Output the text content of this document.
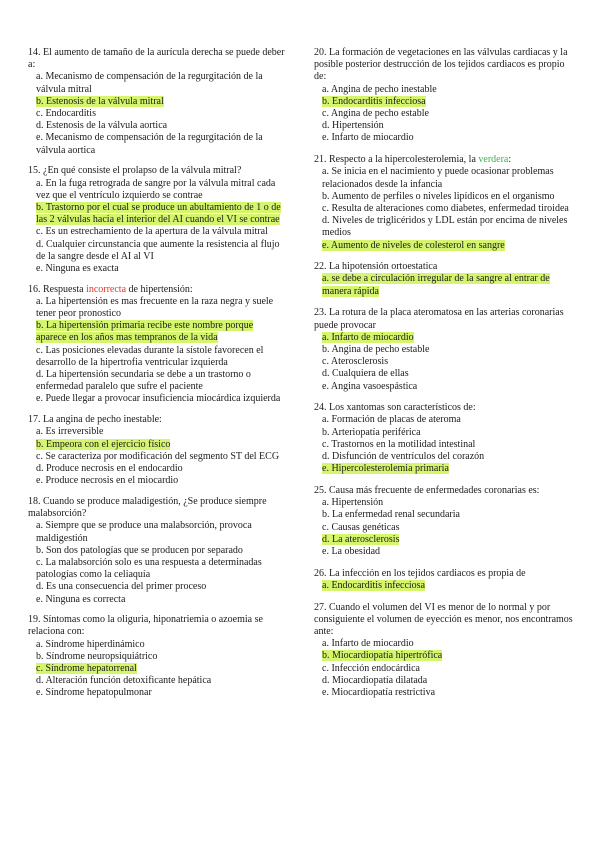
14. El aumento de tamaño de la aurícula derecha se puede deber a:
a. Mecanismo de compensación de la regurgitación de la válvula mitral
b. Estenosis de la válvula mitral
c. Endocarditis
d. Estenosis de la válvula aortica
e. Mecanismo de compensación de la regurgitación de la válvula aortica
15. ¿En qué consiste el prolapso de la válvula mitral?
a. En la fuga retrograda de sangre por la válvula mitral cada vez que el ventrículo izquierdo se contrae
b. Trastorno por el cual se produce un abultamiento de 1 o de las 2 válvulas hacia el interior del AI cuando el VI se contrae
c. Es un estrechamiento de la apertura de la válvula mitral
d. Cualquier circunstancia que aumente la resistencia al flujo de la sangre desde el AI al VI
e. Ninguna es exacta
16. Respuesta incorrecta de hipertensión:
a. La hipertensión es mas frecuente en la raza negra y suele tener peor pronostico
b. La hipertensión primaria recibe este nombre porque aparece en los años mas tempranos de la vida
c. Las posiciones elevadas durante la sístole favorecen el desarrollo de la hipertrofia ventricular izquierda
d. La hipertensión secundaria se debe a un trastorno o enfermedad paralelo que sufre el paciente
e. Puede llegar a provocar insuficiencia miocárdica izquierda
17. La angina de pecho inestable:
a. Es irreversible
b. Empeora con el ejercicio físico
c. Se caracteriza por modificación del segmento ST del ECG
d. Produce necrosis en el endocardio
e. Produce necrosis en el miocardio
18. Cuando se produce maladigestión, ¿Se produce siempre malabsorción?
a. Siempre que se produce una malabsorción, provoca maldigestión
b. Son dos patologías que se producen por separado
c. La malabsorción solo es una respuesta a determinadas patologías como la celiaquía
d. Es una consecuencia del primer proceso
e. Ninguna es correcta
19. Síntomas como la oliguria, hiponatriemia o azoemia se relaciona con:
a. Síndrome hiperdinámico
b. Síndrome neuropsiquiátrico
c. Síndrome hepatorrenal
d. Alteración función detoxificante hepática
e. Síndrome hepatopulmonar
20. La formación de vegetaciones en las válvulas cardiacas y la posible posterior destrucción de los tejidos cardiacos es propio de:
a. Angina de pecho inestable
b. Endocarditis infecciosa
c. Angina de pecho estable
d. Hipertensión
e. Infarto de miocardio
21. Respecto a la hipercolesterolemia, la verdera:
a. Se inicia en el nacimiento y puede ocasionar problemas relacionados desde la infancia
b. Aumento de perfiles o niveles lipídicos en el organismo
c. Resulta de alteraciones como diabetes, enfermedad tiroidea
d. Niveles de triglicéridos y LDL están por encima de niveles medios
e. Aumento de niveles de colesterol en sangre
22. La hipotensión ortoestatica
a. se debe a circulación irregular de la sangre al entrar de manera rápida
23. La rotura de la placa ateromatosa en las arterias coronarias puede provocar
a. Infarto de miocardio
b. Angina de pecho estable
c. Aterosclerosis
d. Cualquiera de ellas
e. Angina vasoespástica
24. Los xantomas son característicos de:
a. Formación de placas de ateroma
b. Arteriopatía periférica
c. Trastornos en la motilidad intestinal
d. Disfunción de ventrículos del corazón
e. Hipercolesterolemia primaria
25. Causa más frecuente de enfermedades coronarias es:
a. Hipertensión
b. La enfermedad renal secundaria
c. Causas genéticas
d. La aterosclerosis
e. La obesidad
26. La infección en los tejidos cardiacos es propia de
a. Endocarditis infecciosa
27. Cuando el volumen del VI es menor de lo normal y por consiguiente el volumen de eyección es menor, nos encontramos ante:
a. Infarto de miocardio
b. Miocardiopatía hipertrófica
c. Infección endocárdica
d. Miocardiopatía dilatada
e. Miocardiopatía restrictiva
